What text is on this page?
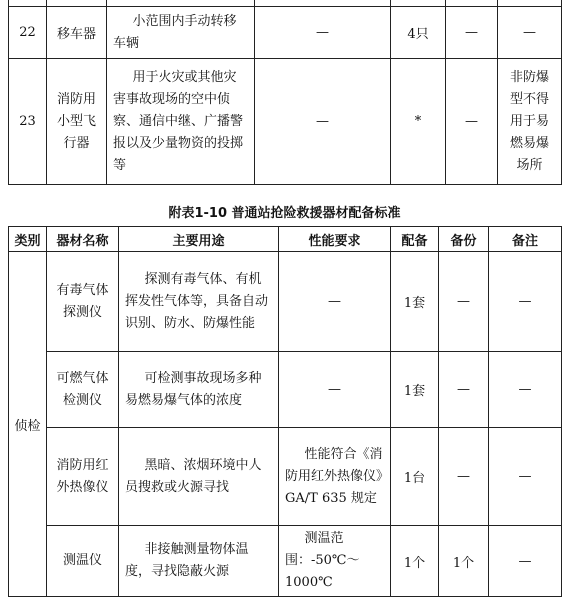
22	移车器	小范围内手动转移车辆	—	4只	—	—
23	消防用小型飞行器	用于火灾或其他灾害事故现场的空中侦察、通信中继、广播警报以及少量物资的投掷等	—	*	—	非防爆型不得用于易燃易爆场所
附表1-10 普通站抢险救援器材配备标准
类别	器材名称	主要用途	性能要求	配备	备份	备注
侦检	有毒气体探测仪	探测有毒气体、有机挥发性气体等，具备自动识别、防水、防爆性能	—	1套	—	—
	可燃气体检测仪	可检测事故现场多种易燃易爆气体的浓度	—	1套	—	—
	消防用红外热像仪	黑暗、浓烟环境中人员搜救或火源寻找	性能符合《消防用红外热像仪》GA/T 635 规定	1台	—	—
	测温仪	非接触测量物体温度，寻找隐蔽火源	测温范围：-50℃～1000℃	1个	1个	—
